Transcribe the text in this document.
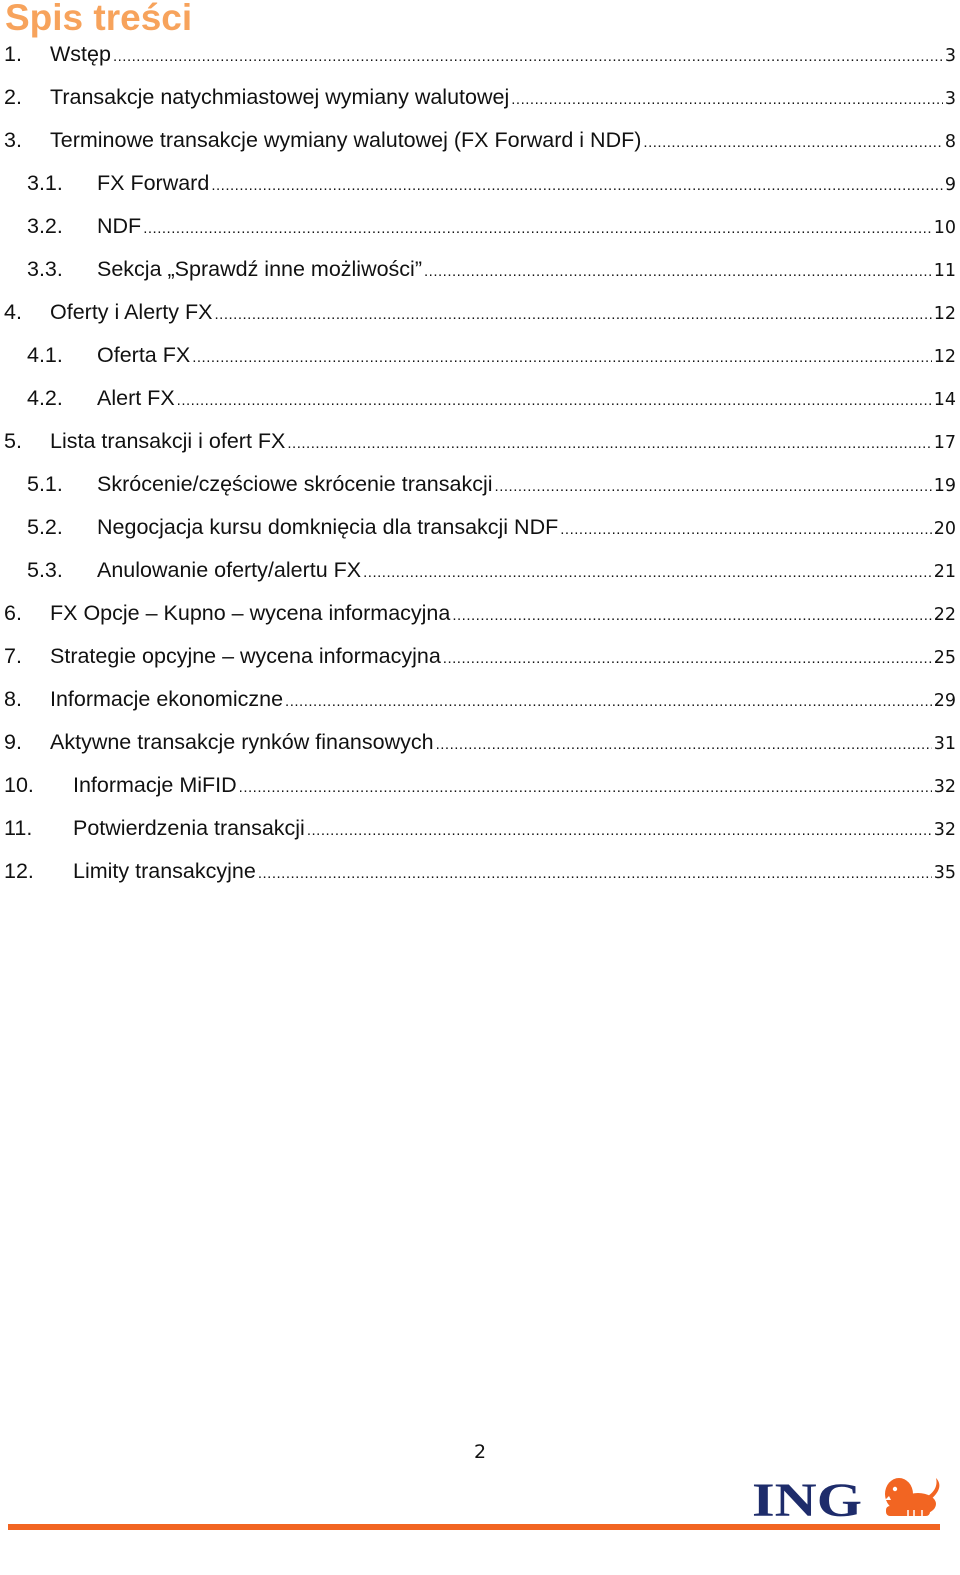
Spis treści
1.	Wstęp .....	3
2.	Transakcje natychmiastowej wymiany walutowej .....	3
3.	Terminowe transakcje wymiany walutowej (FX Forward i NDF) .....	8
3.1.	FX Forward .....	9
3.2.	NDF .....	10
3.3.	Sekcja „Sprawdź inne możliwości” .....	11
4.	Oferty i Alerty FX .....	12
4.1.	Oferta FX .....	12
4.2.	Alert FX .....	14
5.	Lista transakcji i ofert FX .....	17
5.1.	Skrócenie/częściowe skrócenie transakcji .....	19
5.2.	Negocjacja kursu domknięcia dla transakcji NDF .....	20
5.3.	Anulowanie oferty/alertu FX .....	21
6.	FX Opcje – Kupno – wycena informacyjna .....	22
7.	Strategie opcyjne – wycena informacyjna .....	25
8.	Informacje ekonomiczne .....	29
9.	Aktywne transakcje rynków finansowych .....	31
10.	Informacje MiFID .....	32
11.	Potwierdzenia transakcji .....	32
12.	Limity transakcyjne .....	35
2
ING
